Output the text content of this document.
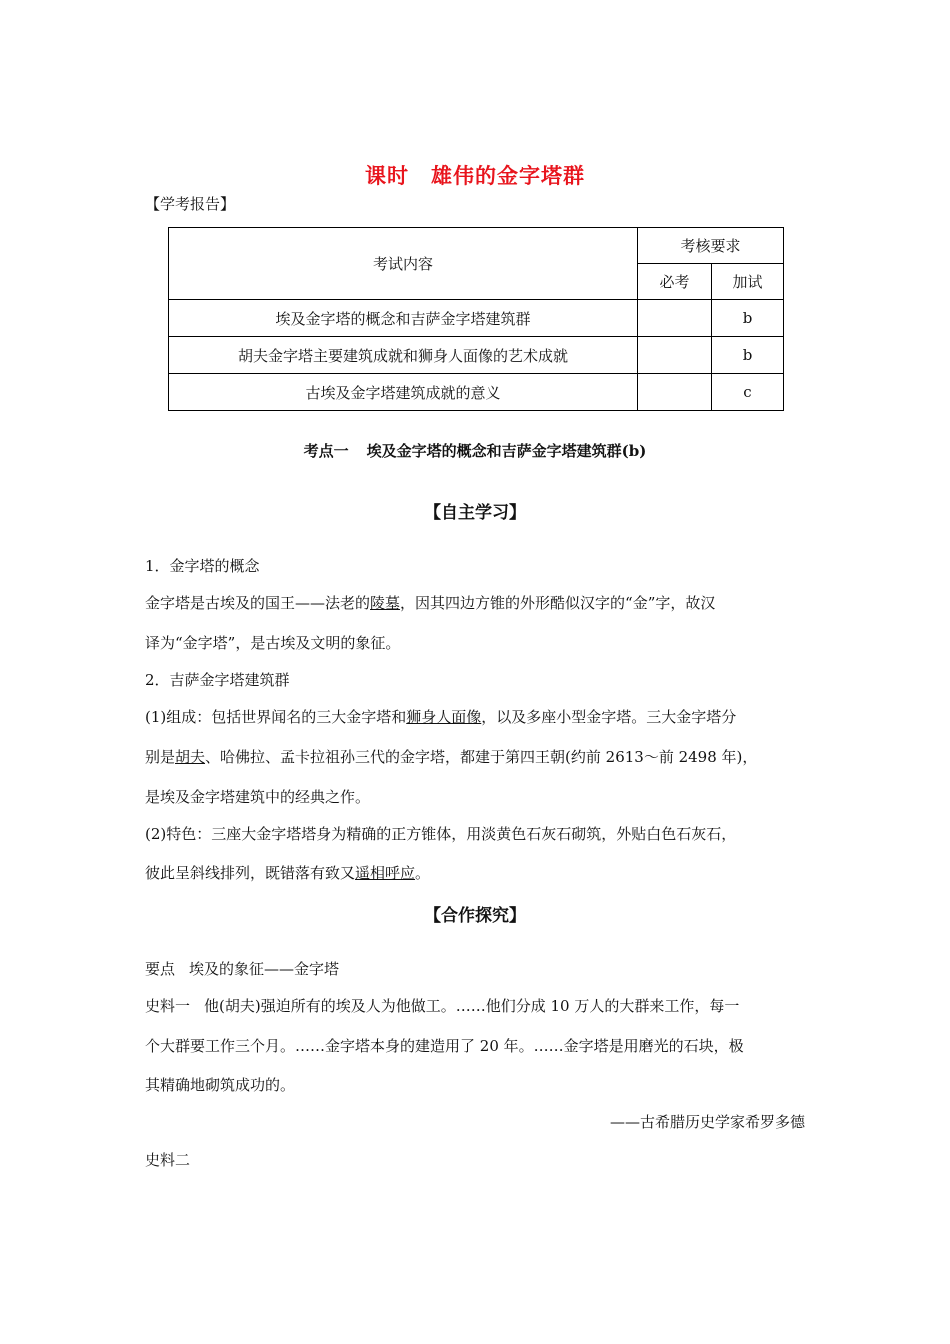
课时 雄伟的金字塔群
【学考报告】
考试内容	考核要求	
	必考	加试
埃及金字塔的概念和吉萨金字塔建筑群		b
胡夫金字塔主要建筑成就和狮身人面像的艺术成就		b
古埃及金字塔建筑成就的意义		c
考点一 埃及金字塔的概念和吉萨金字塔建筑群(b)
【自主学习】
1．金字塔的概念
金字塔是古埃及的国王——法老的陵墓，因其四边方锥的外形酷似汉字的“金”字，故汉
译为“金字塔”，是古埃及文明的象征。
2．吉萨金字塔建筑群
(1)组成：包括世界闻名的三大金字塔和狮身人面像，以及多座小型金字塔。三大金字塔分
别是胡夫、哈佛拉、孟卡拉祖孙三代的金字塔，都建于第四王朝(约前 2613～前 2498 年)，
是埃及金字塔建筑中的经典之作。
(2)特色：三座大金字塔塔身为精确的正方锥体，用淡黄色石灰石砌筑，外贴白色石灰石，
彼此呈斜线排列，既错落有致又遥相呼应。
【合作探究】
要点 埃及的象征——金字塔
史料一 他(胡夫)强迫所有的埃及人为他做工。……他们分成 10 万人的大群来工作，每一
个大群要工作三个月。……金字塔本身的建造用了 20 年。……金字塔是用磨光的石块，极
其精确地砌筑成功的。
——古希腊历史学家希罗多德
史料二
